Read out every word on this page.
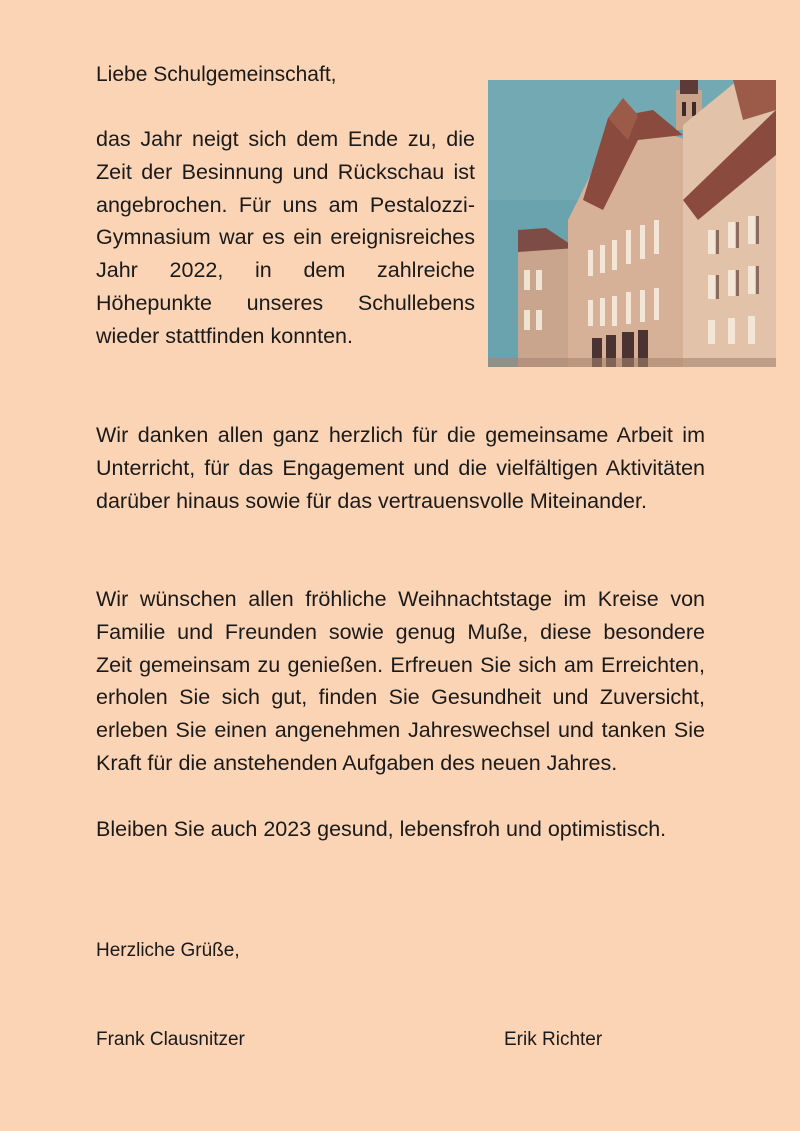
Liebe Schulgemeinschaft,

das Jahr neigt sich dem Ende zu, die Zeit der Besinnung und Rückschau ist angebrochen. Für uns am Pestalozzi-Gymnasium war es ein ereignisreiches Jahr 2022, in dem zahlreiche Höhepunkte unseres Schullebens wieder stattfinden konnten.

Wir danken allen ganz herzlich für die gemeinsame Arbeit im Unterricht, für das Engagement und die vielfältigen Aktivitäten darüber hinaus sowie für das vertrauensvolle Miteinander.

Wir wünschen allen fröhliche Weihnachtstage im Kreise von Familie und Freunden sowie genug Muße, diese besondere Zeit gemeinsam zu genießen. Erfreuen Sie sich am Erreichten, erholen Sie sich gut, finden Sie Gesundheit und Zuversicht, erleben Sie einen angenehmen Jahreswechsel und tanken Sie Kraft für die anstehenden Aufgaben des neuen Jahres.

Bleiben Sie auch 2023 gesund, lebensfroh und optimistisch.

Herzliche Grüße,

Frank Clausnitzer	Erik Richter
